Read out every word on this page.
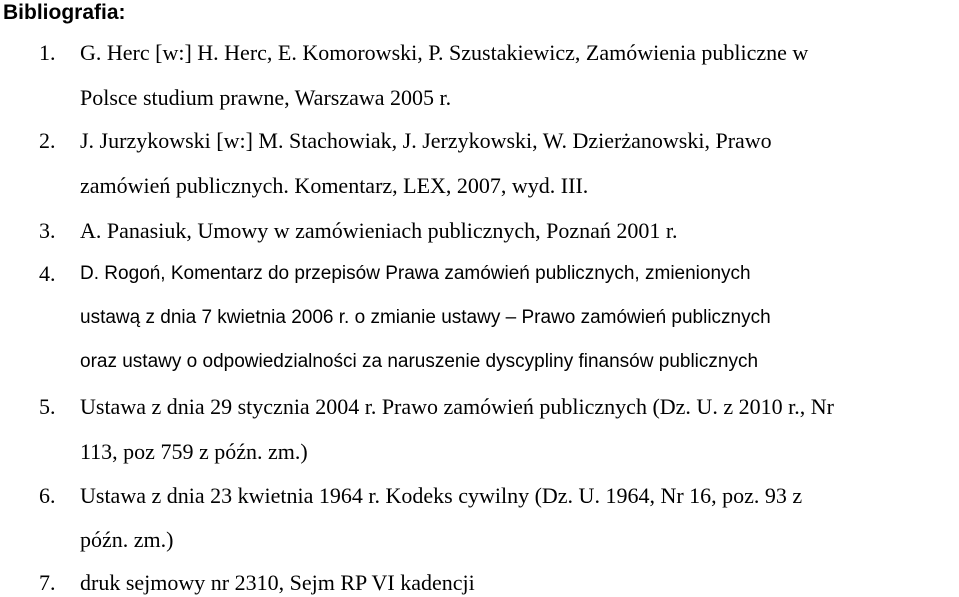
Bibliografia:
1. G. Herc [w:] H. Herc, E. Komorowski, P. Szustakiewicz, Zamówienia publiczne w
Polsce studium prawne, Warszawa 2005 r.
2. J. Jurzykowski [w:] M. Stachowiak, J. Jerzykowski, W. Dzierżanowski, Prawo
zamówień publicznych. Komentarz, LEX, 2007, wyd. III.
3. A. Panasiuk, Umowy w zamówieniach publicznych, Poznań 2001 r.
4. D. Rogoń, Komentarz do przepisów Prawa zamówień publicznych, zmienionych
ustawą z dnia 7 kwietnia 2006 r. o zmianie ustawy – Prawo zamówień publicznych
oraz ustawy o odpowiedzialności za naruszenie dyscypliny finansów publicznych
5. Ustawa z dnia 29 stycznia 2004 r. Prawo zamówień publicznych (Dz. U. z 2010 r., Nr
113, poz 759 z późn. zm.)
6. Ustawa z dnia 23 kwietnia 1964 r. Kodeks cywilny (Dz. U. 1964, Nr 16, poz. 93 z
późn. zm.)
7. druk sejmowy nr 2310, Sejm RP VI kadencji
